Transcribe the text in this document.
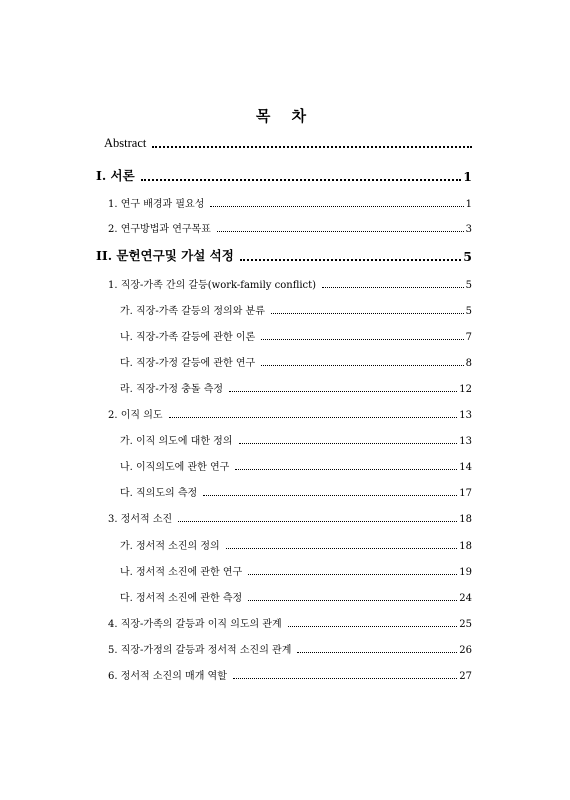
목 차
Abstract
I. 서론	1
1. 연구 배경과 필요성	1
2. 연구방법과 연구목표	3
II. 문헌연구및 가설 석정	5
1. 직장-가족 간의 갈등(work-family conflict)	5
가. 직장-가족 갈등의 정의와 분류	5
나. 직장-가족 갈등에 관한 이론	7
다. 직장-가정 갈등에 관한 연구	8
라. 직장-가정 충돌 측정	12
2. 이직 의도	13
가. 이직 의도에 대한 정의	13
나. 이직의도에 관한 연구	14
다. 직의도의 측정	17
3. 정서적 소진	18
가. 정서적 소진의 정의	18
나. 정서적 소진에 관한 연구	19
다. 정서적 소진에 관한 측정	24
4. 직장-가족의 갈등과 이직 의도의 관계	25
5. 직장-가정의 갈등과 정서적 소진의 관계	26
6. 정서적 소진의 매개 역할	27
